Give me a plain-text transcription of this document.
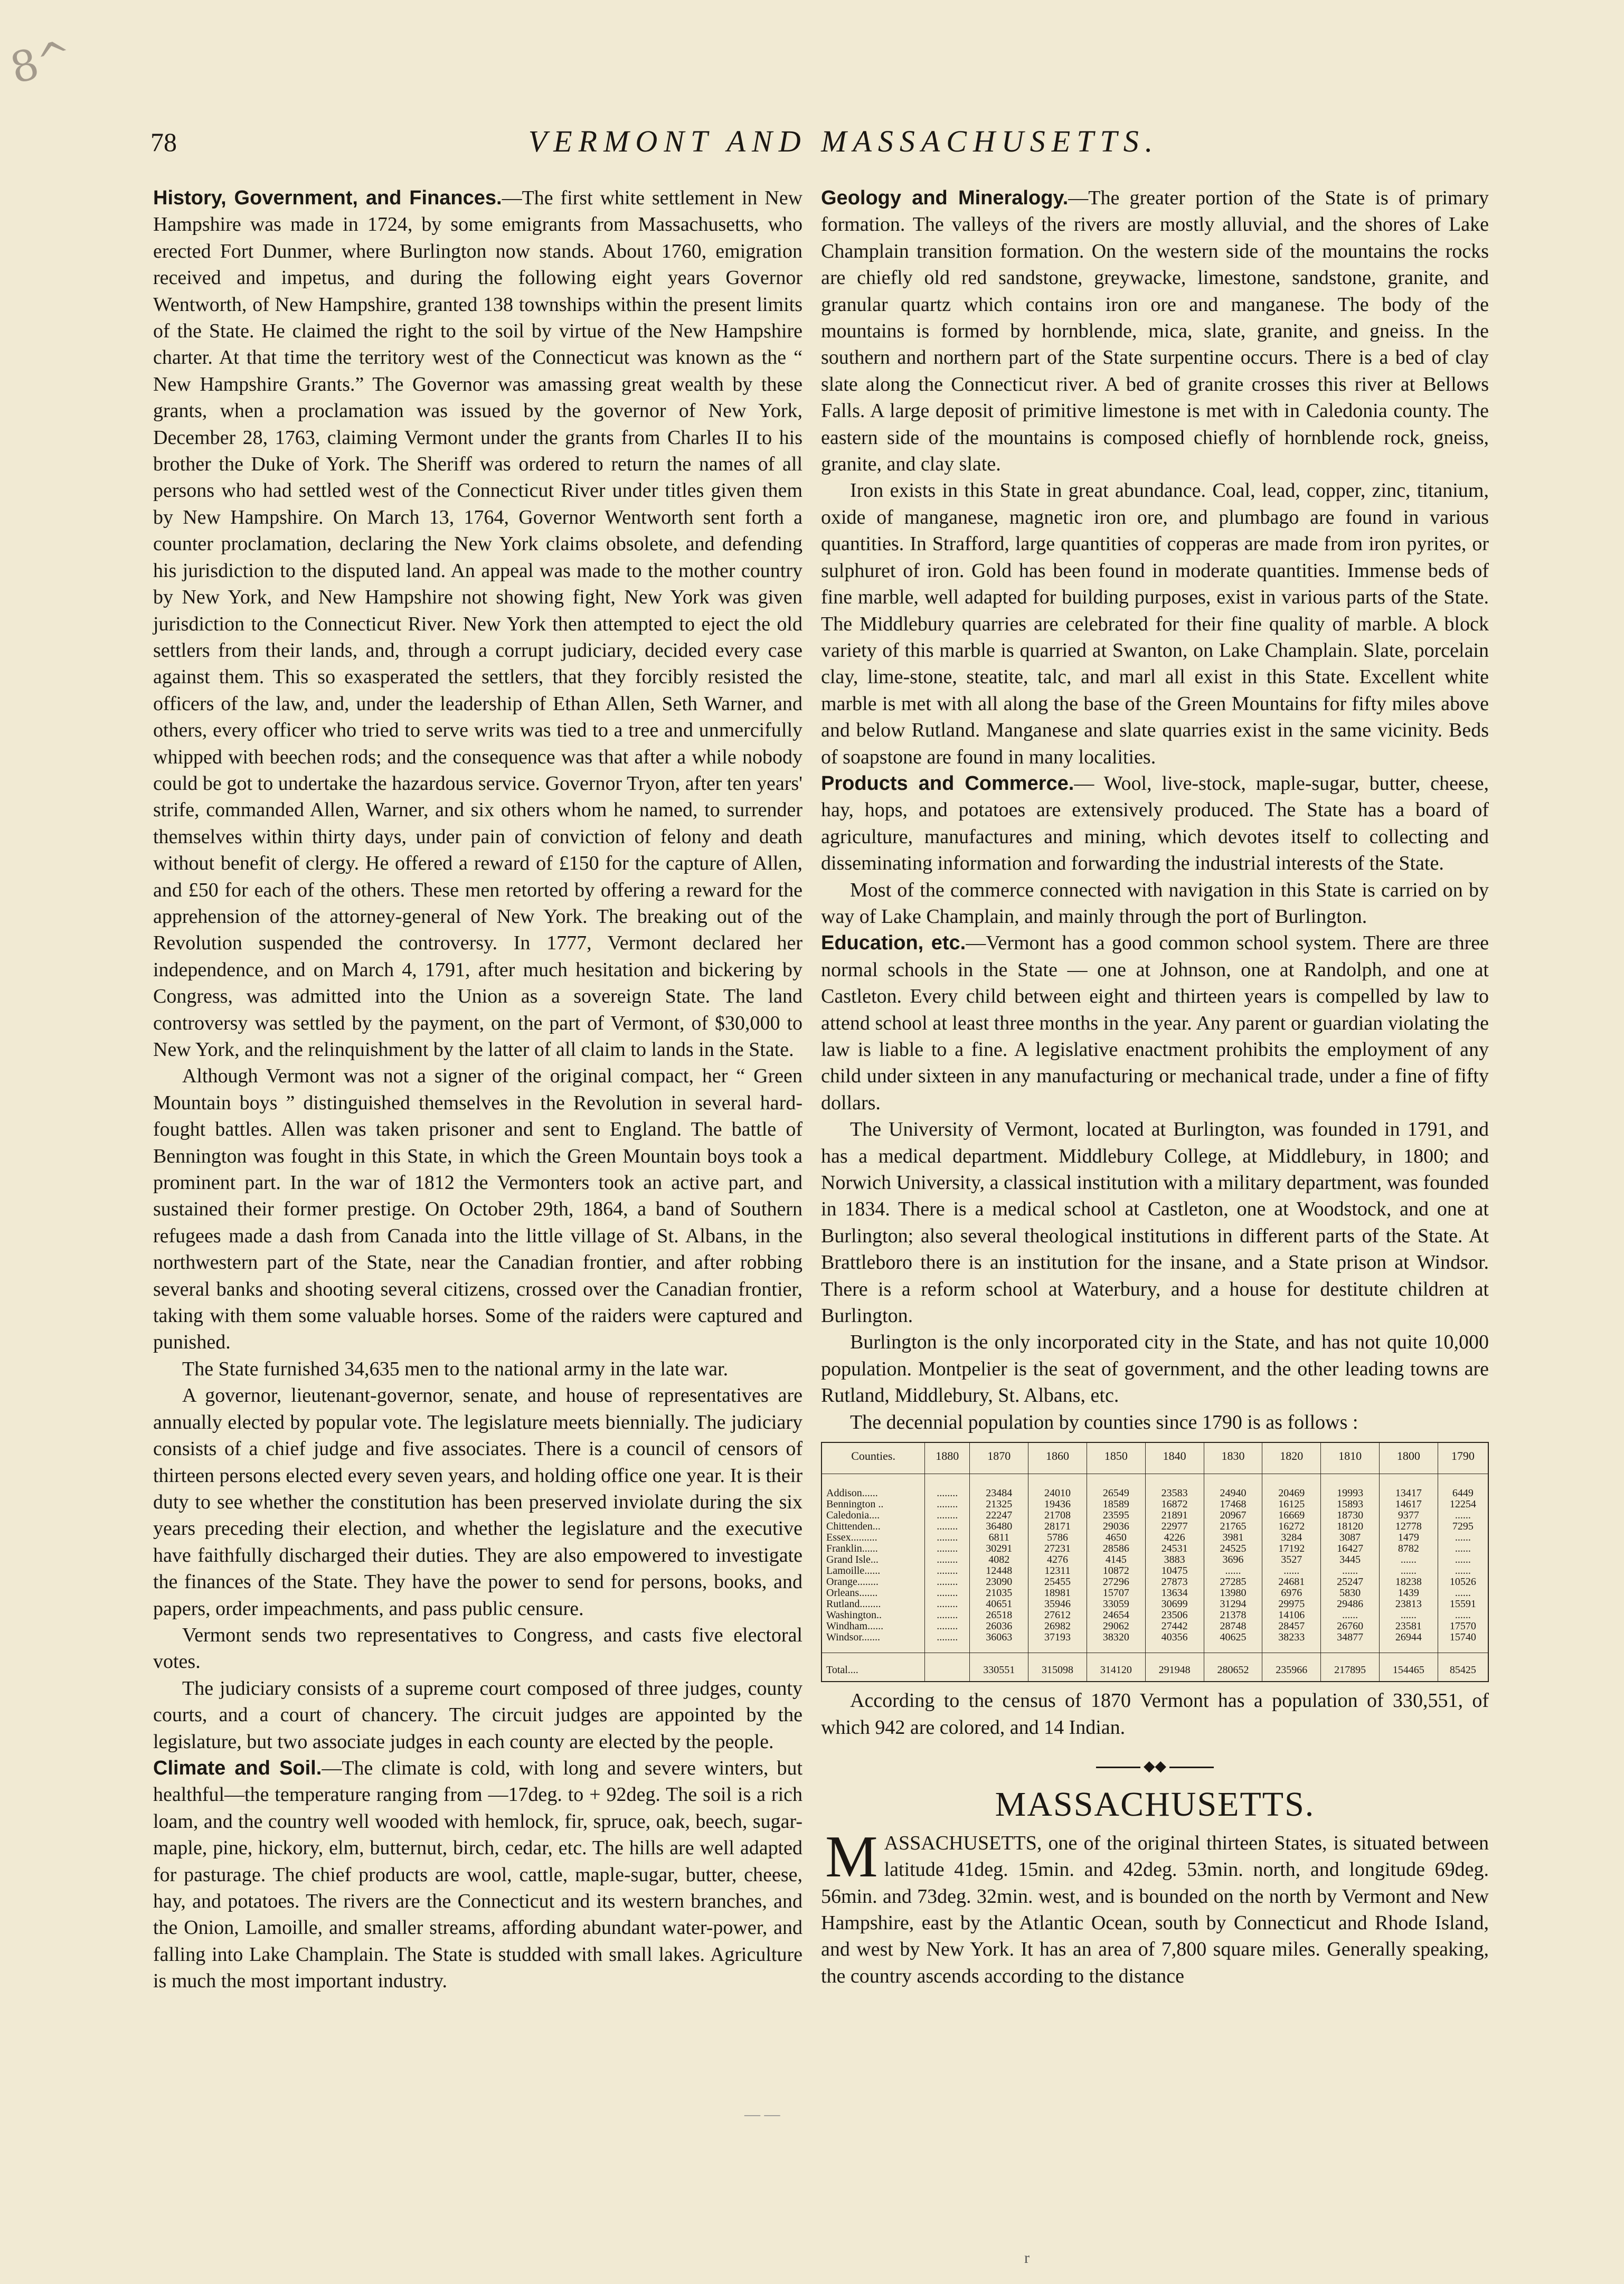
8^
78	VERMONT AND MASSACHUSETTS.

History, Government, and Finances.—The first white settlement in New Hampshire was made in 1724, by some emigrants from Massachusetts, who erected Fort Dunmer, where Burlington now stands. About 1760, emigration received and impetus, and during the following eight years Governor Wentworth, of New Hampshire, granted 138 townships within the present limits of the State. He claimed the right to the soil by virtue of the New Hampshire charter. At that time the territory west of the Connecticut was known as the “ New Hampshire Grants.” The Governor was amassing great wealth by these grants, when a proclamation was issued by the governor of New York, December 28, 1763, claiming Vermont under the grants from Charles II to his brother the Duke of York. The Sheriff was ordered to return the names of all persons who had settled west of the Connecticut River under titles given them by New Hampshire. On March 13, 1764, Governor Wentworth sent forth a counter proclamation, declaring the New York claims obsolete, and defending his jurisdiction to the disputed land. An appeal was made to the mother country by New York, and New Hampshire not showing fight, New York was given jurisdiction to the Connecticut River. New York then attempted to eject the old settlers from their lands, and, through a corrupt judiciary, decided every case against them. This so exasperated the settlers, that they forcibly resisted the officers of the law, and, under the leadership of Ethan Allen, Seth Warner, and others, every officer who tried to serve writs was tied to a tree and unmercifully whipped with beechen rods; and the consequence was that after a while nobody could be got to undertake the hazardous service. Governor Tryon, after ten years' strife, commanded Allen, Warner, and six others whom he named, to surrender themselves within thirty days, under pain of conviction of felony and death without benefit of clergy. He offered a reward of £150 for the capture of Allen, and £50 for each of the others. These men retorted by offering a reward for the apprehension of the attorney-general of New York. The breaking out of the Revolution suspended the controversy. In 1777, Vermont declared her independence, and on March 4, 1791, after much hesitation and bickering by Congress, was admitted into the Union as a sovereign State. The land controversy was settled by the payment, on the part of Vermont, of $30,000 to New York, and the relinquishment by the latter of all claim to lands in the State.

Although Vermont was not a signer of the original compact, her “ Green Mountain boys ” distinguished themselves in the Revolution in several hard-fought battles. Allen was taken prisoner and sent to England. The battle of Bennington was fought in this State, in which the Green Mountain boys took a prominent part. In the war of 1812 the Vermonters took an active part, and sustained their former prestige. On October 29th, 1864, a band of Southern refugees made a dash from Canada into the little village of St. Albans, in the northwestern part of the State, near the Canadian frontier, and after robbing several banks and shooting several citizens, crossed over the Canadian frontier, taking with them some valuable horses. Some of the raiders were captured and punished.

The State furnished 34,635 men to the national army in the late war.

A governor, lieutenant-governor, senate, and house of representatives are annually elected by popular vote. The legislature meets biennially. The judiciary consists of a chief judge and five associates. There is a council of censors of thirteen persons elected every seven years, and holding office one year. It is their duty to see whether the constitution has been preserved inviolate during the six years preceding their election, and whether the legislature and the executive have faithfully discharged their duties. They are also empowered to investigate the finances of the State. They have the power to send for persons, books, and papers, order impeachments, and pass public censure.

Vermont sends two representatives to Congress, and casts five electoral votes.

The judiciary consists of a supreme court composed of three judges, county courts, and a court of chancery. The circuit judges are appointed by the legislature, but two associate judges in each county are elected by the people.

Climate and Soil.—The climate is cold, with long and severe winters, but healthful—the temperature ranging from —17deg. to + 92deg. The soil is a rich loam, and the country well wooded with hemlock, fir, spruce, oak, beech, sugar-maple, pine, hickory, elm, butternut, birch, cedar, etc. The hills are well adapted for pasturage. The chief products are wool, cattle, maple-sugar, butter, cheese, hay, and potatoes. The rivers are the Connecticut and its western branches, and the Onion, Lamoille, and smaller streams, affording abundant water-power, and falling into Lake Champlain. The State is studded with small lakes. Agriculture is much the most important industry.

Geology and Mineralogy.—The greater portion of the State is of primary formation. The valleys of the rivers are mostly alluvial, and the shores of Lake Champlain transition formation. On the western side of the mountains the rocks are chiefly old red sandstone, greywacke, limestone, sandstone, granite, and granular quartz which contains iron ore and manganese. The body of the mountains is formed by hornblende, mica, slate, granite, and gneiss. In the southern and northern part of the State surpentine occurs. There is a bed of clay slate along the Connecticut river. A bed of granite crosses this river at Bellows Falls. A large deposit of primitive limestone is met with in Caledonia county. The eastern side of the mountains is composed chiefly of hornblende rock, gneiss, granite, and clay slate.

Iron exists in this State in great abundance. Coal, lead, copper, zinc, titanium, oxide of manganese, magnetic iron ore, and plumbago are found in various quantities. In Strafford, large quantities of copperas are made from iron pyrites, or sulphuret of iron. Gold has been found in moderate quantities. Immense beds of fine marble, well adapted for building purposes, exist in various parts of the State. The Middlebury quarries are celebrated for their fine quality of marble. A block variety of this marble is quarried at Swanton, on Lake Champlain. Slate, porcelain clay, lime-stone, steatite, talc, and marl all exist in this State. Excellent white marble is met with all along the base of the Green Mountains for fifty miles above and below Rutland. Manganese and slate quarries exist in the same vicinity. Beds of soapstone are found in many localities.

Products and Commerce.— Wool, live-stock, maple-sugar, butter, cheese, hay, hops, and potatoes are extensively produced. The State has a board of agriculture, manufactures and mining, which devotes itself to collecting and disseminating information and forwarding the industrial interests of the State.

Most of the commerce connected with navigation in this State is carried on by way of Lake Champlain, and mainly through the port of Burlington.

Education, etc.—Vermont has a good common school system. There are three normal schools in the State — one at Johnson, one at Randolph, and one at Castleton. Every child between eight and thirteen years is compelled by law to attend school at least three months in the year. Any parent or guardian violating the law is liable to a fine. A legislative enactment prohibits the employment of any child under sixteen in any manufacturing or mechanical trade, under a fine of fifty dollars.

The University of Vermont, located at Burlington, was founded in 1791, and has a medical department. Middlebury College, at Middlebury, in 1800; and Norwich University, a classical institution with a military department, was founded in 1834. There is a medical school at Castleton, one at Woodstock, and one at Burlington; also several theological institutions in different parts of the State. At Brattleboro there is an institution for the insane, and a State prison at Windsor. There is a reform school at Waterbury, and a house for destitute children at Burlington.

Burlington is the only incorporated city in the State, and has not quite 10,000 population. Montpelier is the seat of government, and the other leading towns are Rutland, Middlebury, St. Albans, etc.

The decennial population by counties since 1790 is as follows :

Counties.	1880	1870	1860	1850	1840	1830	1820	1810	1800	1790
Addison......	........	23484	24010	26549	23583	24940	20469	19993	13417	6449
Bennington ..	........	21325	19436	18589	16872	17468	16125	15893	14617	12254
Caledonia....	........	22247	21708	23595	21891	20967	16669	18730	9377	......
Chittenden...	........	36480	28171	29036	22977	21765	16272	18120	12778	7295
Essex..........	........	6811	5786	4650	4226	3981	3284	3087	1479	......
Franklin......	........	30291	27231	28586	24531	24525	17192	16427	8782	......
Grand Isle...	........	4082	4276	4145	3883	3696	3527	3445	......	......
Lamoille......	........	12448	12311	10872	10475	......	......	......	......	......
Orange........	........	23090	25455	27296	27873	27285	24681	25247	18238	10526
Orleans.......	........	21035	18981	15707	13634	13980	6976	5830	1439	......
Rutland........	........	40651	35946	33059	30699	31294	29975	29486	23813	15591
Washington..	........	26518	27612	24654	23506	21378	14106	......	......	......
Windham......	........	26036	26982	29062	27442	28748	28457	26760	23581	17570
Windsor.......	........	36063	37193	38320	40356	40625	38233	34877	26944	15740
Total....		330551	315098	314120	291948	280652	235966	217895	154465	85425

According to the census of 1870 Vermont has a population of 330,551, of which 942 are colored, and 14 Indian.

◆◆
MASSACHUSETTS.

MASSACHUSETTS, one of the original thirteen States, is situated between latitude 41deg. 15min. and 42deg. 53min. north, and longitude 69deg. 56min. and 73deg. 32min. west, and is bounded on the north by Vermont and New Hampshire, east by the Atlantic Ocean, south by Connecticut and Rhode Island, and west by New York. It has an area of 7,800 square miles. Generally speaking, the country ascends according to the distance

— —
r
